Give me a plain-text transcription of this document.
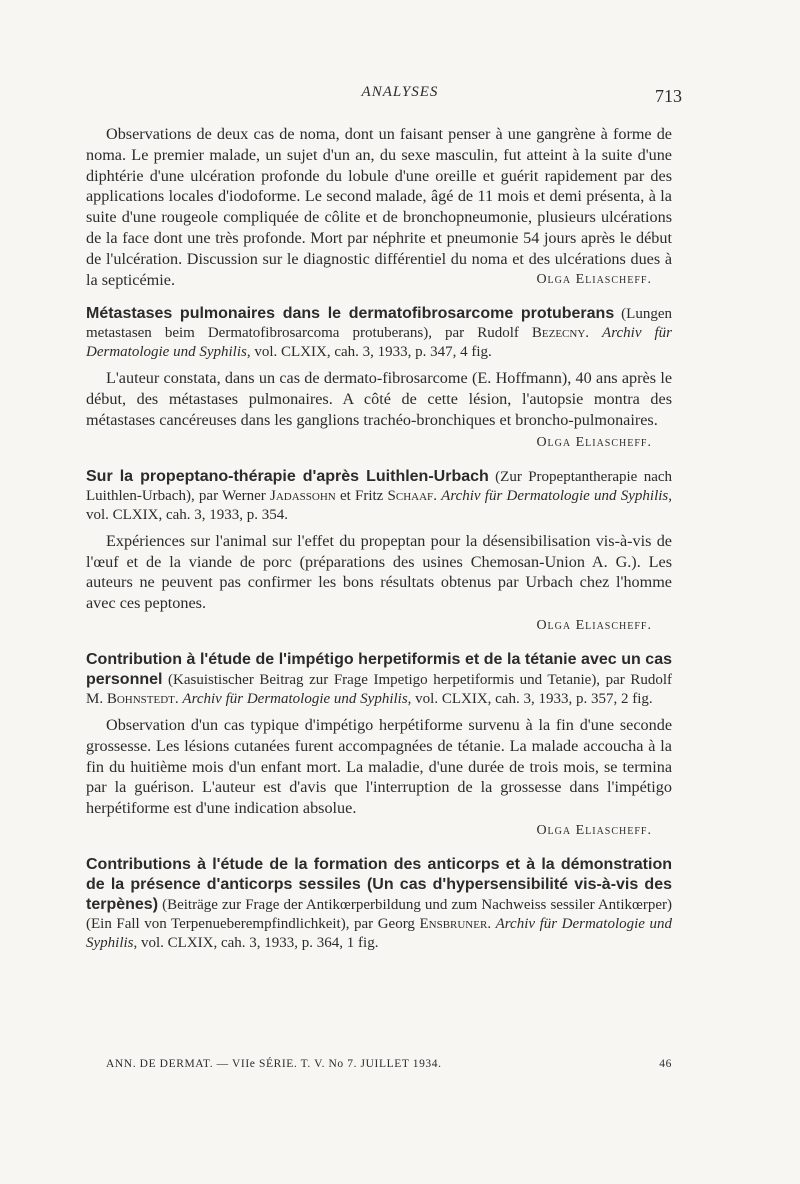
ANALYSES	713

Observations de deux cas de noma, dont un faisant penser à une gangrène à forme de noma. Le premier malade, un sujet d'un an, du sexe masculin, fut atteint à la suite d'une diphtérie d'une ulcération profonde du lobule d'une oreille et guérit rapidement par des applications locales d'iodoforme. Le second malade, âgé de 11 mois et demi présenta, à la suite d'une rougeole compliquée de côlite et de bronchopneumonie, plusieurs ulcérations de la face dont une très profonde. Mort par néphrite et pneumonie 54 jours après le début de l'ulcération. Discussion sur le diagnostic différentiel du noma et des ulcérations dues à la septicémie.	Olga Eliascheff.

Métastases pulmonaires dans le dermatofibrosarcome protuberans (Lungen metastasen beim Dermatofibrosarcoma protuberans), par Rudolf Bezecny. Archiv für Dermatologie und Syphilis, vol. CLXIX, cah. 3, 1933, p. 347, 4 fig.

L'auteur constata, dans un cas de dermato-fibrosarcome (E. Hoffmann), 40 ans après le début, des métastases pulmonaires. A côté de cette lésion, l'autopsie montra des métastases cancéreuses dans les ganglions trachéo-bronchiques et broncho-pulmonaires.

Olga Eliascheff.

Sur la propeptano-thérapie d'après Luithlen-Urbach (Zur Propeptantherapie nach Luithlen-Urbach), par Werner Jadassohn et Fritz Schaaf. Archiv für Dermatologie und Syphilis, vol. CLXIX, cah. 3, 1933, p. 354.

Expériences sur l'animal sur l'effet du propeptan pour la désensibilisation vis-à-vis de l'œuf et de la viande de porc (préparations des usines Chemosan-Union A. G.). Les auteurs ne peuvent pas confirmer les bons résultats obtenus par Urbach chez l'homme avec ces peptones.

Olga Eliascheff.

Contribution à l'étude de l'impétigo herpetiformis et de la tétanie avec un cas personnel (Kasuistischer Beitrag zur Frage Impetigo herpetiformis und Tetanie), par Rudolf M. Bohnstedt. Archiv für Dermatologie und Syphilis, vol. CLXIX, cah. 3, 1933, p. 357, 2 fig.

Observation d'un cas typique d'impétigo herpétiforme survenu à la fin d'une seconde grossesse. Les lésions cutanées furent accompagnées de tétanie. La malade accoucha à la fin du huitième mois d'un enfant mort. La maladie, d'une durée de trois mois, se termina par la guérison. L'auteur est d'avis que l'interruption de la grossesse dans l'impétigo herpétiforme est d'une indication absolue.

Olga Eliascheff.

Contributions à l'étude de la formation des anticorps et à la démonstration de la présence d'anticorps sessiles (Un cas d'hypersensibilité vis-à-vis des terpènes) (Beiträge zur Frage der Antikœrperbildung und zum Nachweiss sessiler Antikœrper) (Ein Fall von Terpenueberempfindlichkeit), par Georg Ensbruner. Archiv für Dermatologie und Syphilis, vol. CLXIX, cah. 3, 1933, p. 364, 1 fig.

ANN. DE DERMAT. — VIIe SÉRIE. T. V. No 7. JUILLET 1934.	46
